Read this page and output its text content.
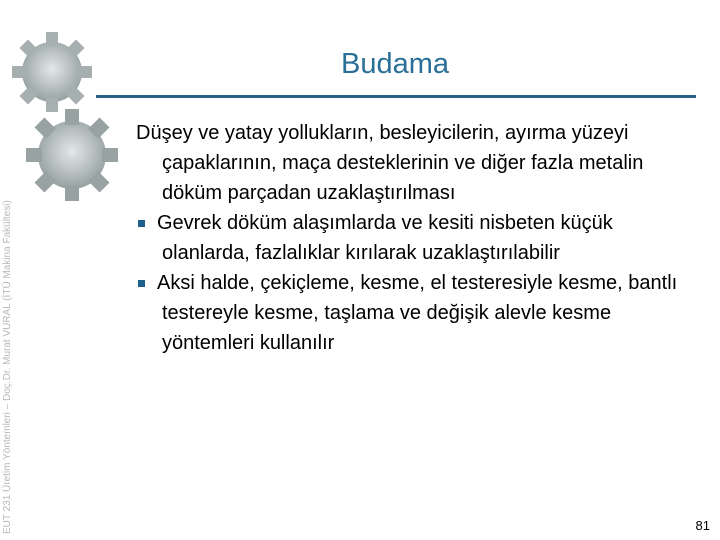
EUT 231 Üretim Yöntemleri – Doç.Dr. Murat VURAL (İTÜ Makina Fakültesi)
Budama

Düşey ve yatay yollukların, besleyicilerin, ayırma yüzeyi çapaklarının, maça desteklerinin ve diğer fazla metalin döküm parçadan uzaklaştırılması

Gevrek döküm alaşımlarda ve kesiti nisbeten küçük olanlarda, fazlalıklar kırılarak uzaklaştırılabilir

Aksi halde, çekiçleme, kesme, el testeresiyle kesme, bantlı testereyle kesme, taşlama ve değişik alevle kesme yöntemleri kullanılır

81
